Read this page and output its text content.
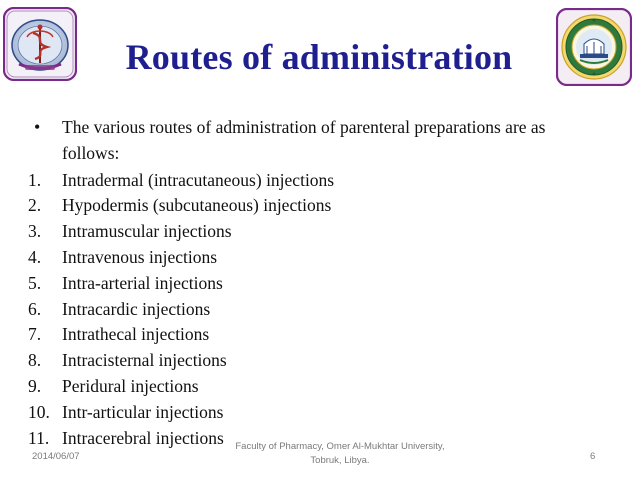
Routes of administration
•	The various routes of administration of parenteral preparations are as follows:
1.	Intradermal (intracutaneous) injections
2.	Hypodermis (subcutaneous) injections
3.	Intramuscular injections
4.	Intravenous injections
5.	Intra-arterial injections
6.	Intracardic injections
7.	Intrathecal injections
8.	Intracisternal injections
9.	Peridural injections
10. Intr-articular injections
11. Intracerebral injections
2014/06/07
Faculty of Pharmacy, Omer Al-Mukhtar University,
Tobruk, Libya.	6
